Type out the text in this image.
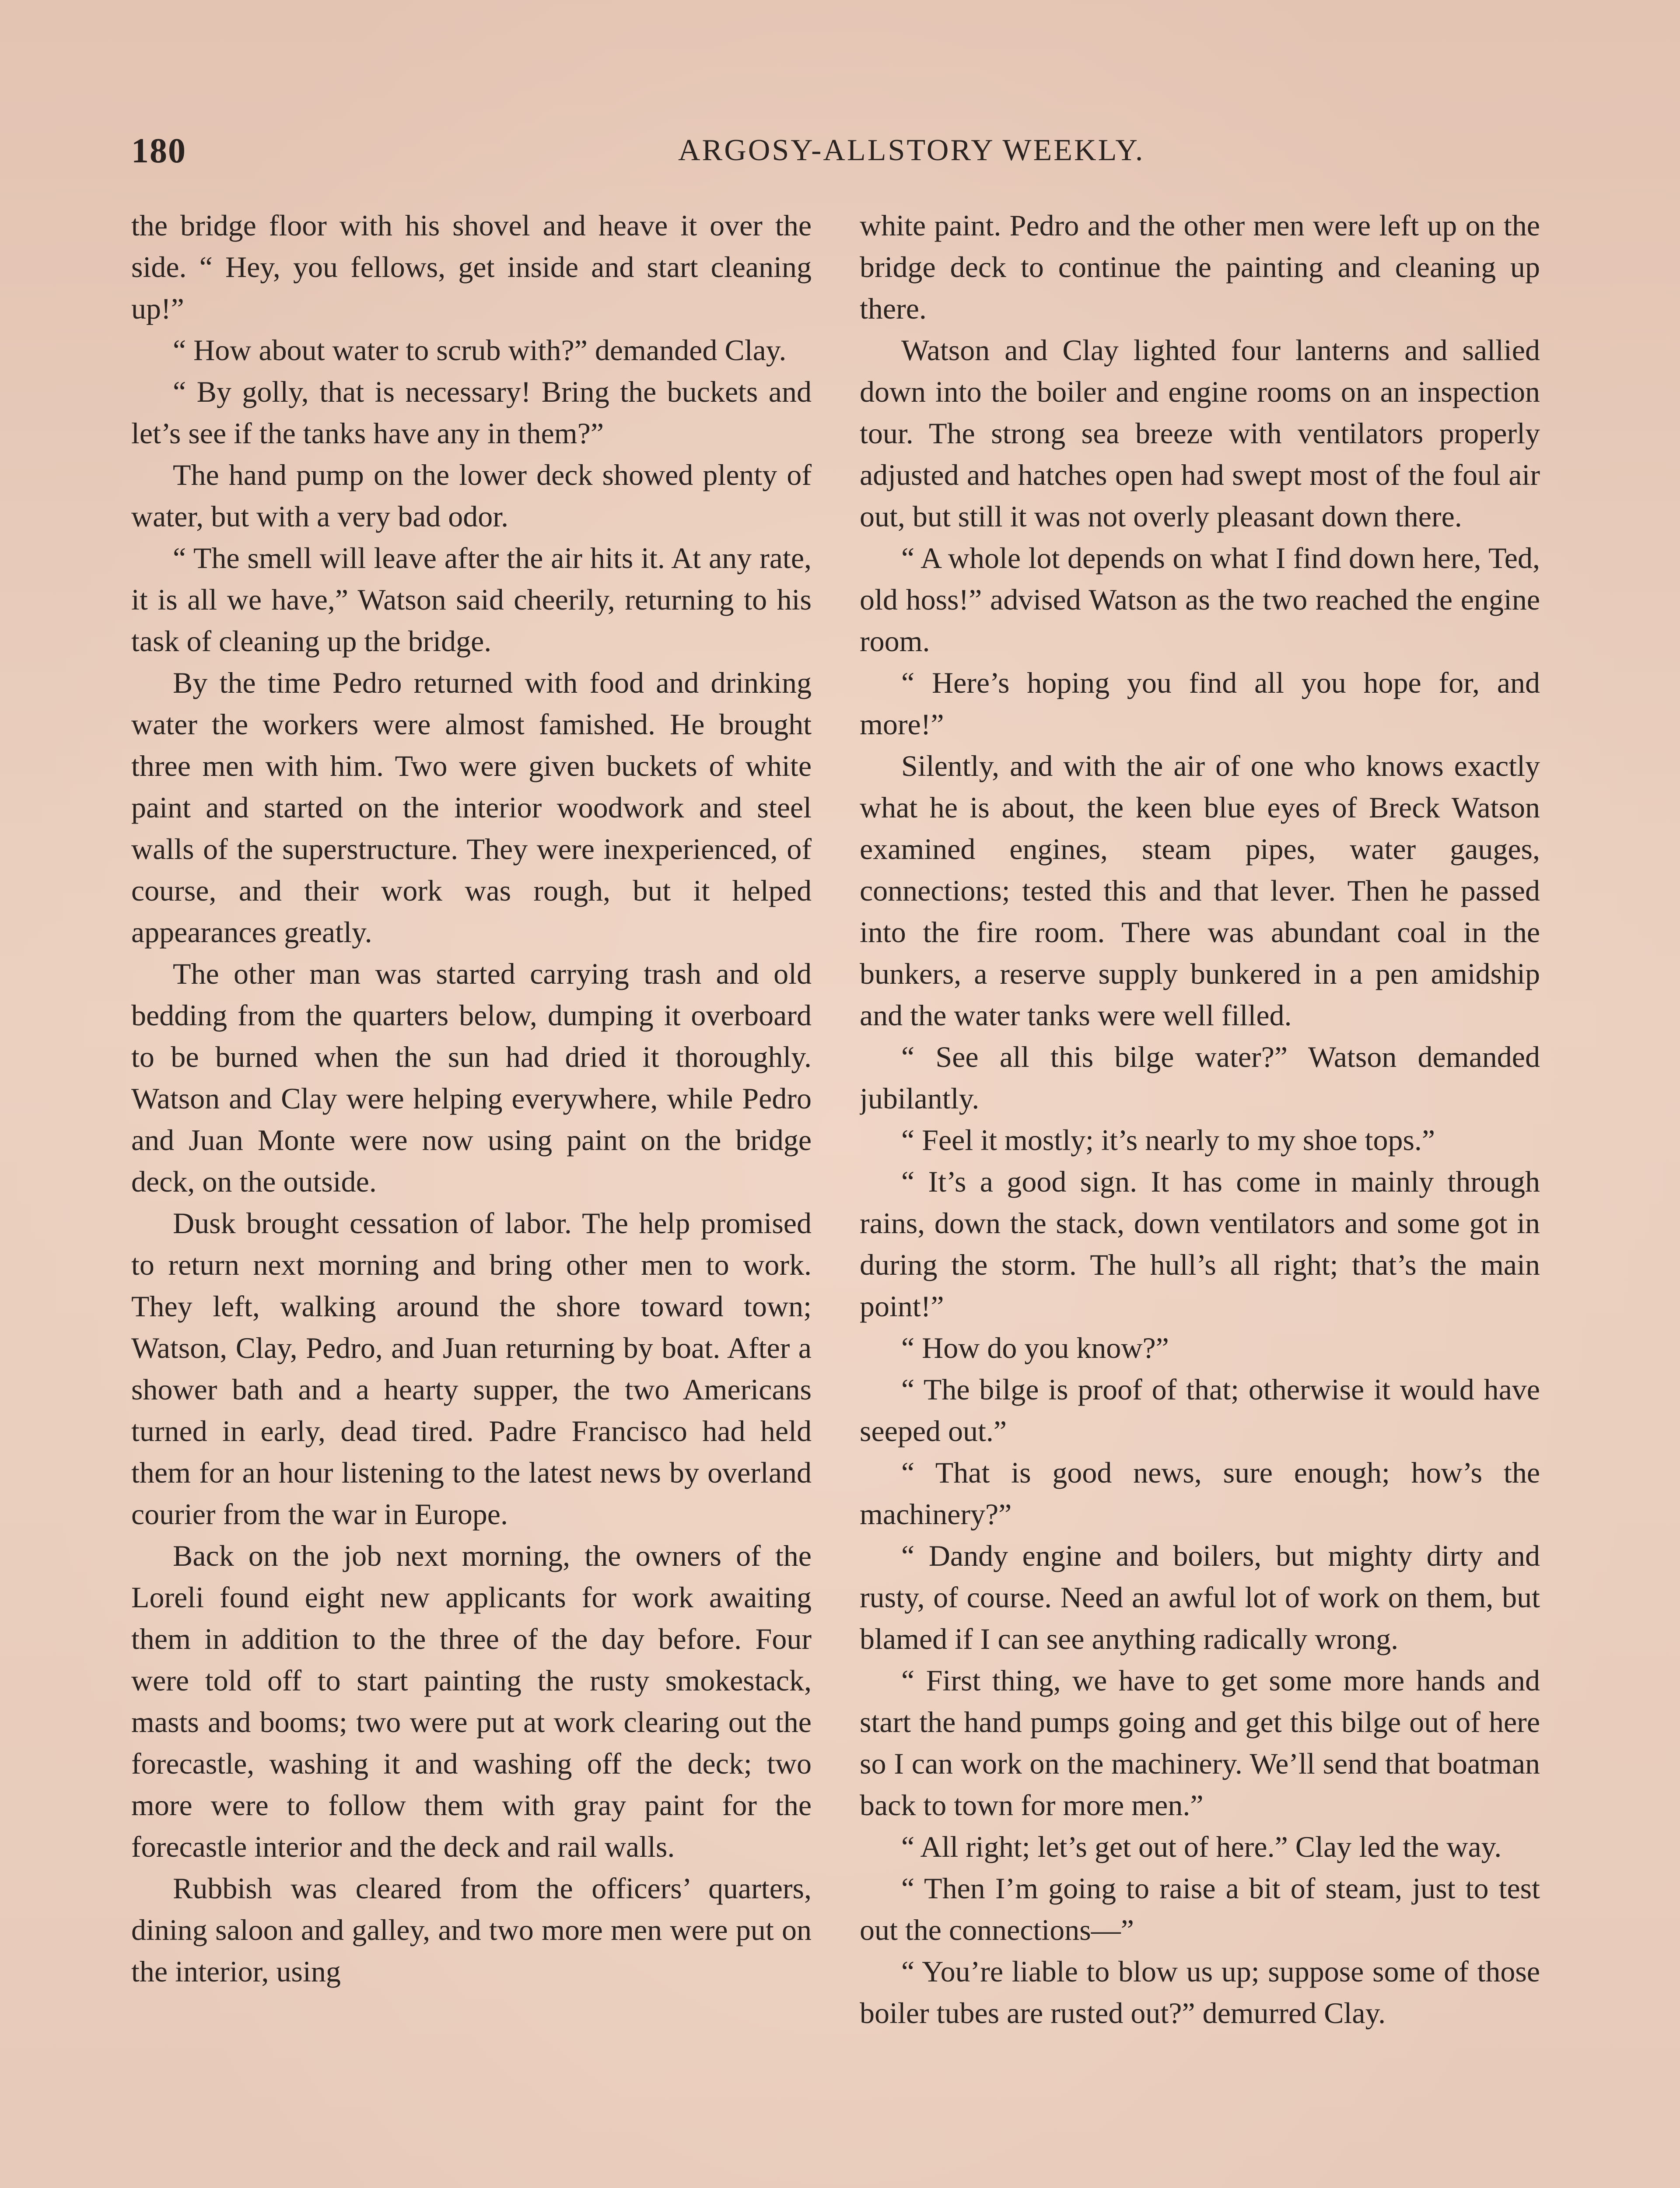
180	ARGOSY-ALLSTORY WEEKLY.

the bridge floor with his shovel and heave it over the side. “ Hey, you fellows, get inside and start cleaning up!”

“ How about water to scrub with?” demanded Clay.

“ By golly, that is necessary! Bring the buckets and let’s see if the tanks have any in them?”

The hand pump on the lower deck showed plenty of water, but with a very bad odor.

“ The smell will leave after the air hits it. At any rate, it is all we have,” Watson said cheerily, returning to his task of cleaning up the bridge.

By the time Pedro returned with food and drinking water the workers were almost famished. He brought three men with him. Two were given buckets of white paint and started on the interior woodwork and steel walls of the superstructure. They were inexperienced, of course, and their work was rough, but it helped appearances greatly.

The other man was started carrying trash and old bedding from the quarters below, dumping it overboard to be burned when the sun had dried it thoroughly. Watson and Clay were helping everywhere, while Pedro and Juan Monte were now using paint on the bridge deck, on the outside.

Dusk brought cessation of labor. The help promised to return next morning and bring other men to work. They left, walking around the shore toward town; Watson, Clay, Pedro, and Juan returning by boat. After a shower bath and a hearty supper, the two Americans turned in early, dead tired. Padre Francisco had held them for an hour listening to the latest news by overland courier from the war in Europe.

Back on the job next morning, the owners of the Loreli found eight new applicants for work awaiting them in addition to the three of the day before. Four were told off to start painting the rusty smokestack, masts and booms; two were put at work clearing out the forecastle, washing it and washing off the deck; two more were to follow them with gray paint for the forecastle interior and the deck and rail walls.

Rubbish was cleared from the officers’ quarters, dining saloon and galley, and two more men were put on the interior, using

white paint. Pedro and the other men were left up on the bridge deck to continue the painting and cleaning up there.

Watson and Clay lighted four lanterns and sallied down into the boiler and engine rooms on an inspection tour. The strong sea breeze with ventilators properly adjusted and hatches open had swept most of the foul air out, but still it was not overly pleasant down there.

“ A whole lot depends on what I find down here, Ted, old hoss!” advised Watson as the two reached the engine room.

“ Here’s hoping you find all you hope for, and more!”

Silently, and with the air of one who knows exactly what he is about, the keen blue eyes of Breck Watson examined engines, steam pipes, water gauges, connections; tested this and that lever. Then he passed into the fire room. There was abundant coal in the bunkers, a reserve supply bunkered in a pen amidship and the water tanks were well filled.

“ See all this bilge water?” Watson demanded jubilantly.

“ Feel it mostly; it’s nearly to my shoe tops.”

“ It’s a good sign. It has come in mainly through rains, down the stack, down ventilators and some got in during the storm. The hull’s all right; that’s the main point!”

“ How do you know?”

“ The bilge is proof of that; otherwise it would have seeped out.”

“ That is good news, sure enough; how’s the machinery?”

“ Dandy engine and boilers, but mighty dirty and rusty, of course. Need an awful lot of work on them, but blamed if I can see anything radically wrong.

“ First thing, we have to get some more hands and start the hand pumps going and get this bilge out of here so I can work on the machinery. We’ll send that boatman back to town for more men.”

“ All right; let’s get out of here.” Clay led the way.

“ Then I’m going to raise a bit of steam, just to test out the connections—”

“ You’re liable to blow us up; suppose some of those boiler tubes are rusted out?” demurred Clay.
